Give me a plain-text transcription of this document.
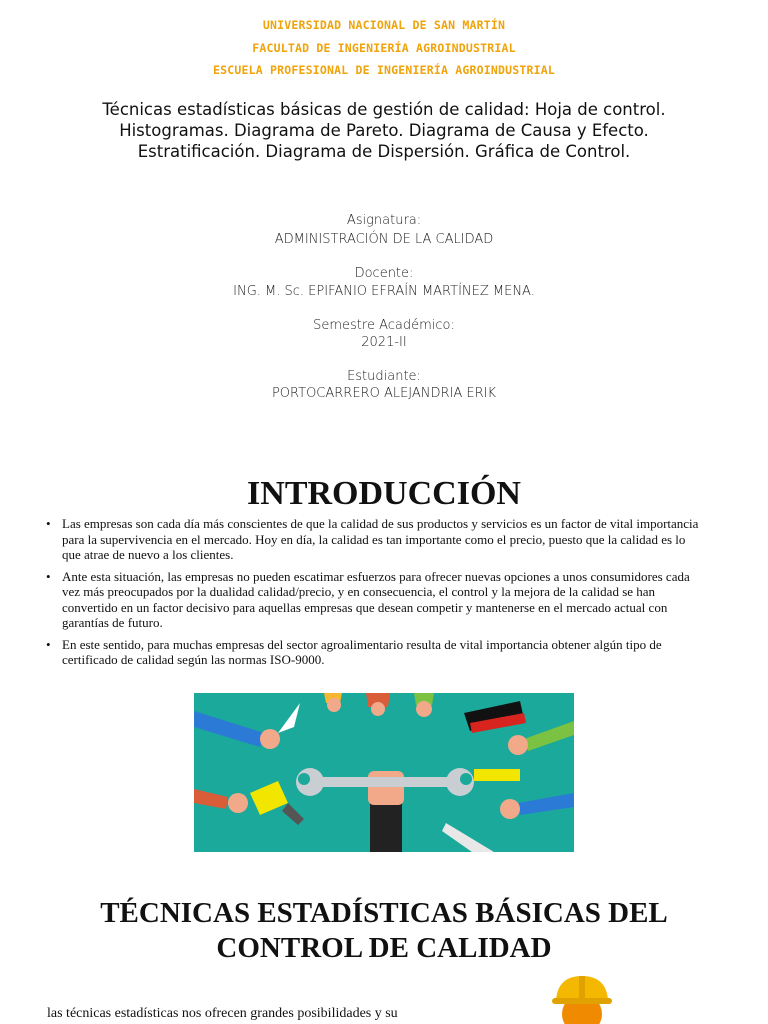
UNIVERSIDAD NACIONAL DE SAN MARTÍN
FACULTAD DE INGENIERÍA AGROINDUSTRIAL
ESCUELA PROFESIONAL DE INGENIERÍA AGROINDUSTRIAL
Técnicas estadísticas básicas de gestión de calidad: Hoja de control. Histogramas. Diagrama de Pareto. Diagrama de Causa y Efecto. Estratificación. Diagrama de Dispersión. Gráfica de Control.
Asignatura:
ADMINISTRACIÓN DE LA CALIDAD
Docente:
ING. M. Sc. EPIFANIO EFRAÍN MARTÍNEZ MENA.
Semestre Académico:
2021-II
Estudiante:
PORTOCARRERO ALEJANDRIA ERIK
INTRODUCCIÓN
• Las empresas son cada día más conscientes de que la calidad de sus productos y servicios es un factor de vital importancia para la supervivencia en el mercado. Hoy en día, la calidad es tan importante como el precio, puesto que la calidad es lo que atrae de nuevo a los clientes.
• Ante esta situación, las empresas no pueden escatimar esfuerzos para ofrecer nuevas opciones a unos consumidores cada vez más preocupados por la dualidad calidad/precio, y en consecuencia, el control y la mejora de la calidad se han convertido en un factor decisivo para aquellas empresas que desean competir y mantenerse en el mercado actual con garantías de futuro.
• En este sentido, para muchas empresas del sector agroalimentario resulta de vital importancia obtener algún tipo de certificado de calidad según las normas ISO-9000.
TÉCNICAS ESTADÍSTICAS BÁSICAS DEL CONTROL DE CALIDAD
las técnicas estadísticas nos ofrecen grandes posibilidades y su
